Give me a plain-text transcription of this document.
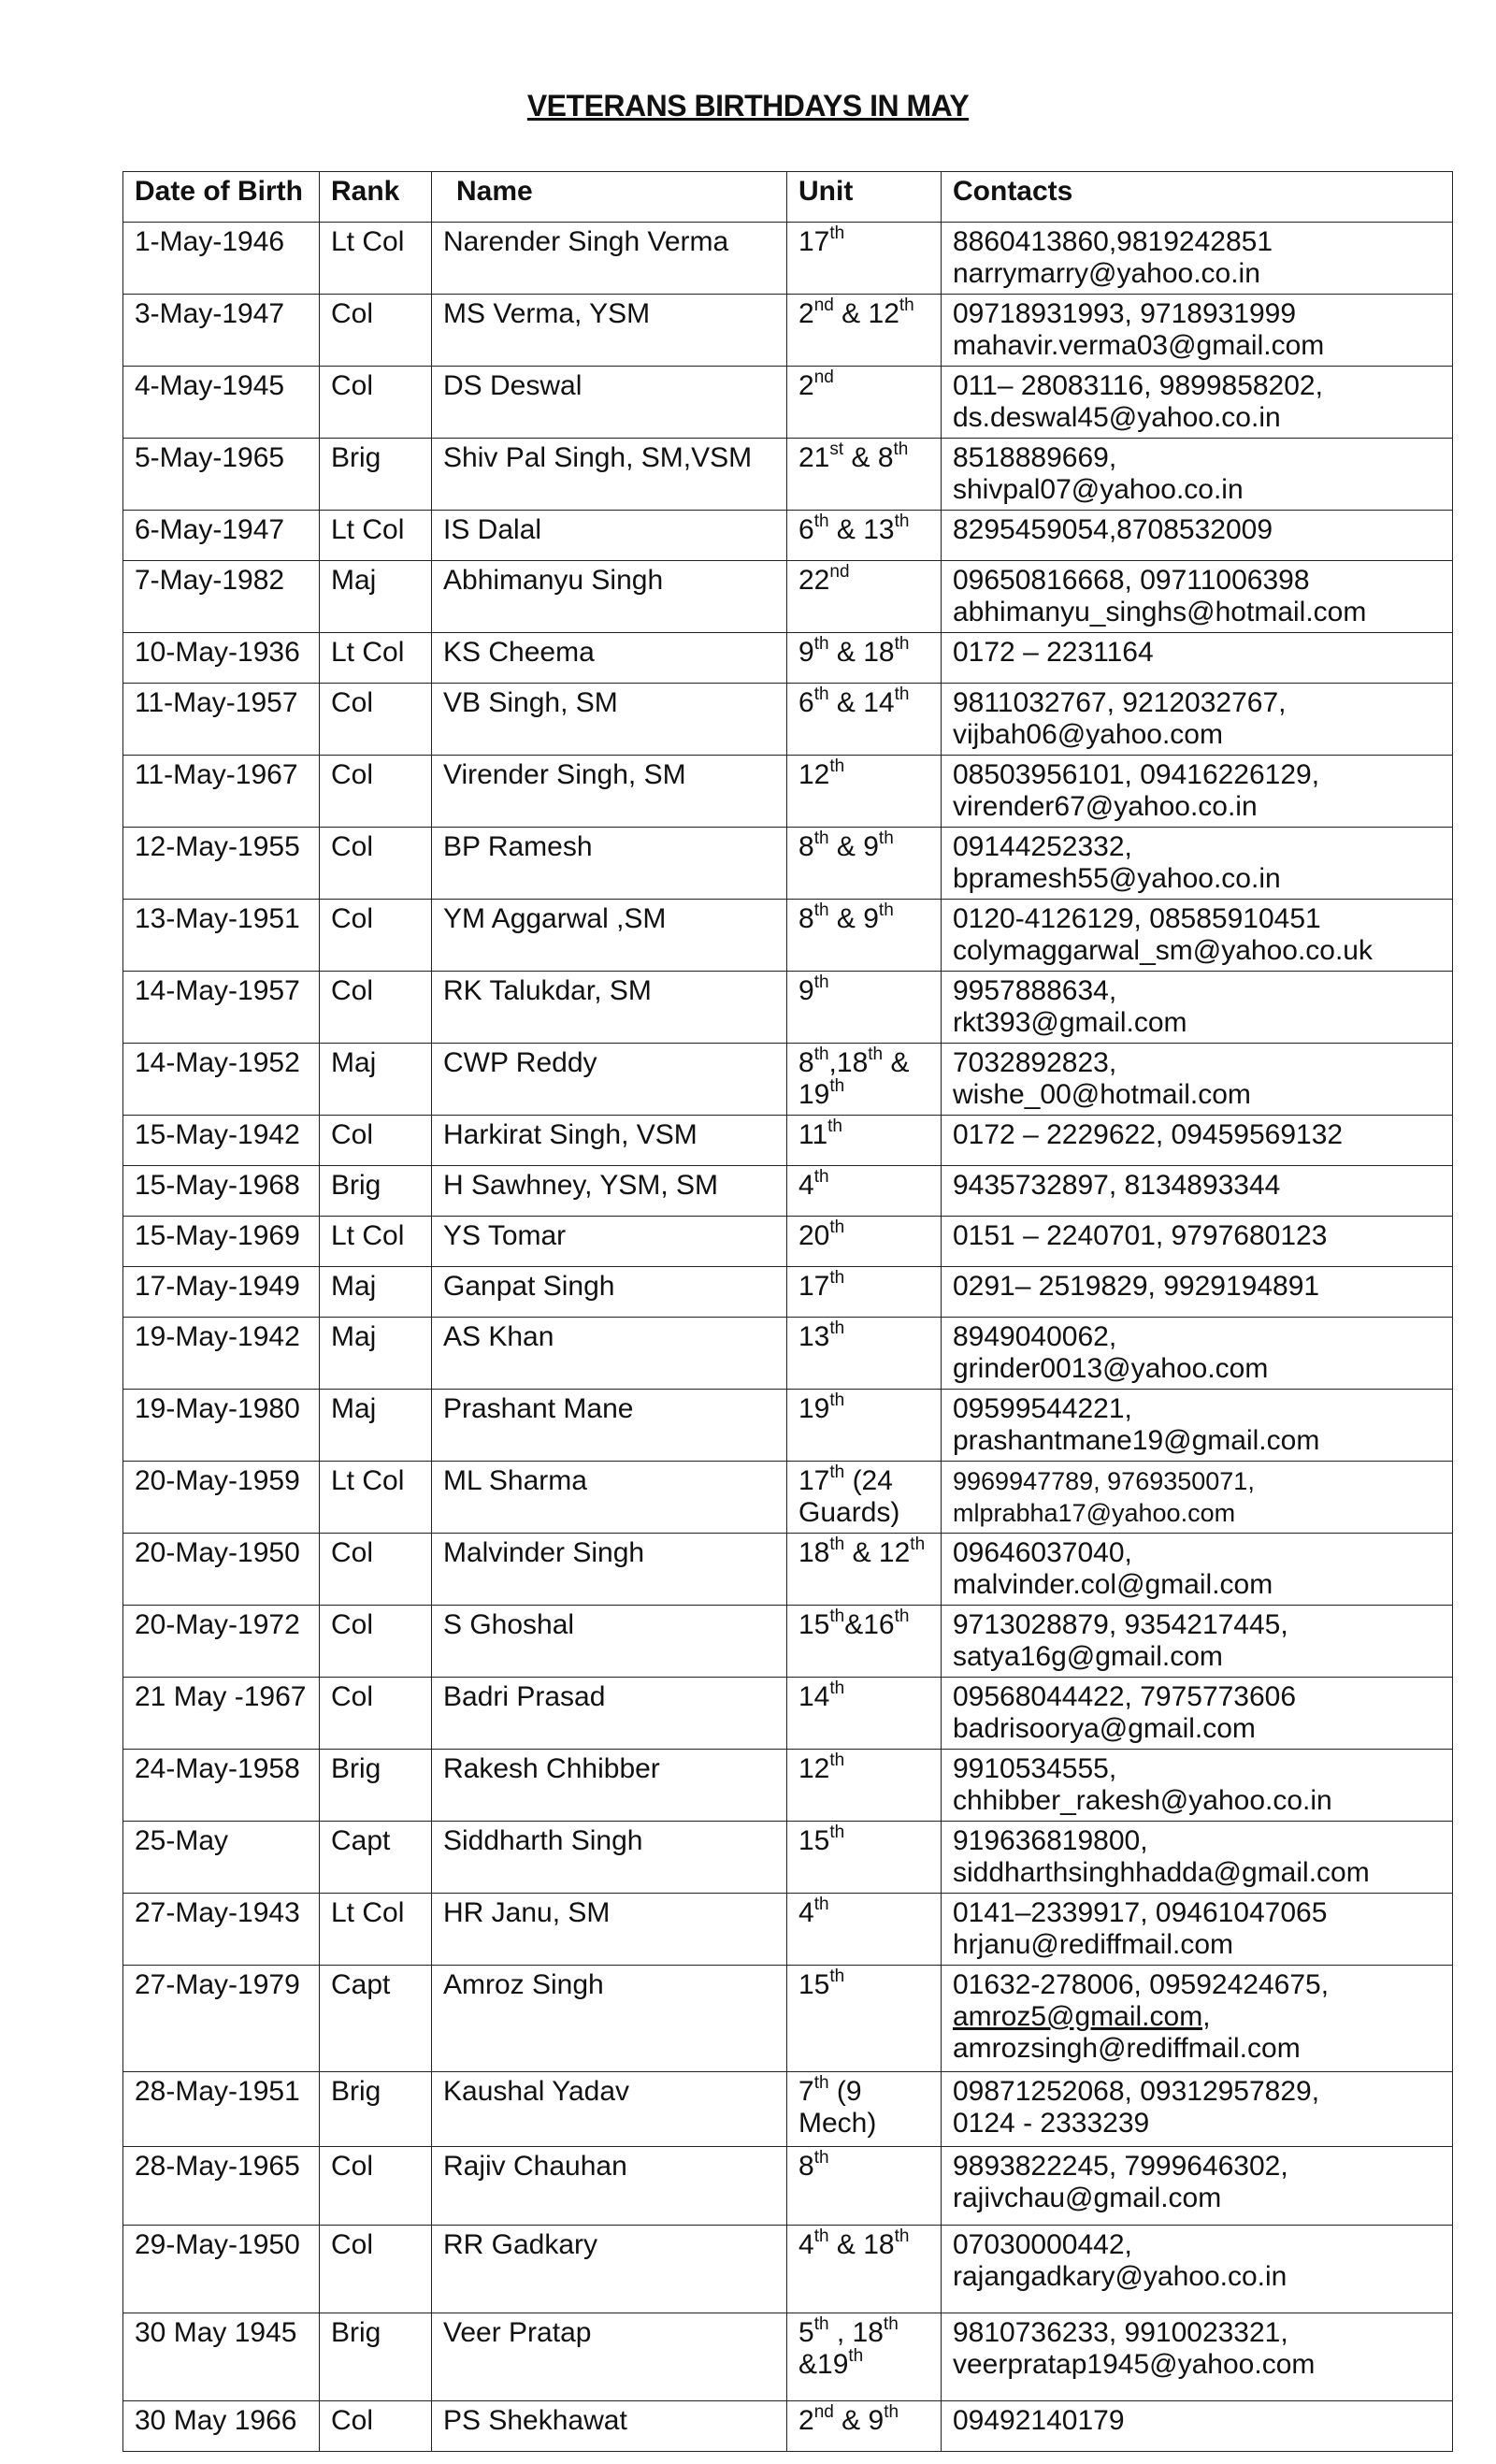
VETERANS BIRTHDAYS IN MAY
Date of Birth	Rank	Name	Unit	Contacts
1-May-1946	Lt Col	Narender Singh Verma	17th	8860413860,9819242851
narrymarry@yahoo.co.in

3-May-1947	Col	MS Verma, YSM	2nd & 12th	09718931993, 9718931999
mahavir.verma03@gmail.com

4-May-1945	Col	DS Deswal	2nd	011– 28083116, 9899858202,
ds.deswal45@yahoo.co.in

5-May-1965	Brig	Shiv Pal Singh, SM,VSM	21st & 8th	8518889669,
shivpal07@yahoo.co.in

6-May-1947	Lt Col	IS Dalal	6th & 13th	8295459054,8708532009

7-May-1982	Maj	Abhimanyu Singh	22nd	09650816668, 09711006398
abhimanyu_singhs@hotmail.com

10-May-1936	Lt Col	KS Cheema	9th & 18th	0172 – 2231164

11-May-1957	Col	VB Singh, SM	6th & 14th	9811032767, 9212032767,
vijbah06@yahoo.com

11-May-1967	Col	Virender Singh, SM	12th	08503956101, 09416226129,
virender67@yahoo.co.in

12-May-1955	Col	BP Ramesh	8th & 9th	09144252332,
bpramesh55@yahoo.co.in

13-May-1951	Col	YM Aggarwal ,SM	8th & 9th	0120-4126129, 08585910451
colymaggarwal_sm@yahoo.co.uk

14-May-1957	Col	RK Talukdar, SM	9th	9957888634,
rkt393@gmail.com

14-May-1952	Maj	CWP Reddy	8th,18th & 19th	7032892823,
wishe_00@hotmail.com

15-May-1942	Col	Harkirat Singh, VSM	11th	0172 – 2229622, 09459569132

15-May-1968	Brig	H Sawhney, YSM, SM	4th	9435732897, 8134893344

15-May-1969	Lt Col	YS Tomar	20th	0151 – 2240701, 9797680123

17-May-1949	Maj	Ganpat Singh	17th	0291– 2519829, 9929194891

19-May-1942	Maj	AS Khan	13th	8949040062,
grinder0013@yahoo.com

19-May-1980	Maj	Prashant Mane	19th	09599544221,
prashantmane19@gmail.com

20-May-1959	Lt Col	ML Sharma	17th (24 Guards)	9969947789, 9769350071,
mlprabha17@yahoo.com

20-May-1950	Col	Malvinder Singh	18th & 12th	09646037040,
malvinder.col@gmail.com

20-May-1972	Col	S Ghoshal	15th&16th	9713028879, 9354217445,
satya16g@gmail.com

21 May -1967	Col	Badri Prasad	14th	09568044422, 7975773606
badrisoorya@gmail.com

24-May-1958	Brig	Rakesh Chhibber	12th	9910534555,
chhibber_rakesh@yahoo.co.in

25-May	Capt	Siddharth Singh	15th	919636819800,
siddharthsinghhadda@gmail.com

27-May-1943	Lt Col	HR Janu, SM	4th	0141–2339917, 09461047065
hrjanu@rediffmail.com

27-May-1979	Capt	Amroz Singh	15th	01632-278006, 09592424675,
amroz5@gmail.com,
amrozsingh@rediffmail.com

28-May-1951	Brig	Kaushal Yadav	7th (9 Mech)	09871252068, 09312957829,
0124 - 2333239

28-May-1965	Col	Rajiv Chauhan	8th	9893822245, 7999646302,
rajivchau@gmail.com

29-May-1950	Col	RR Gadkary	4th & 18th	07030000442,
rajangadkary@yahoo.co.in

30 May 1945	Brig	Veer Pratap	5th , 18th &19th	9810736233, 9910023321,
veerpratap1945@yahoo.com

30 May 1966	Col	PS Shekhawat	2nd & 9th	09492140179
